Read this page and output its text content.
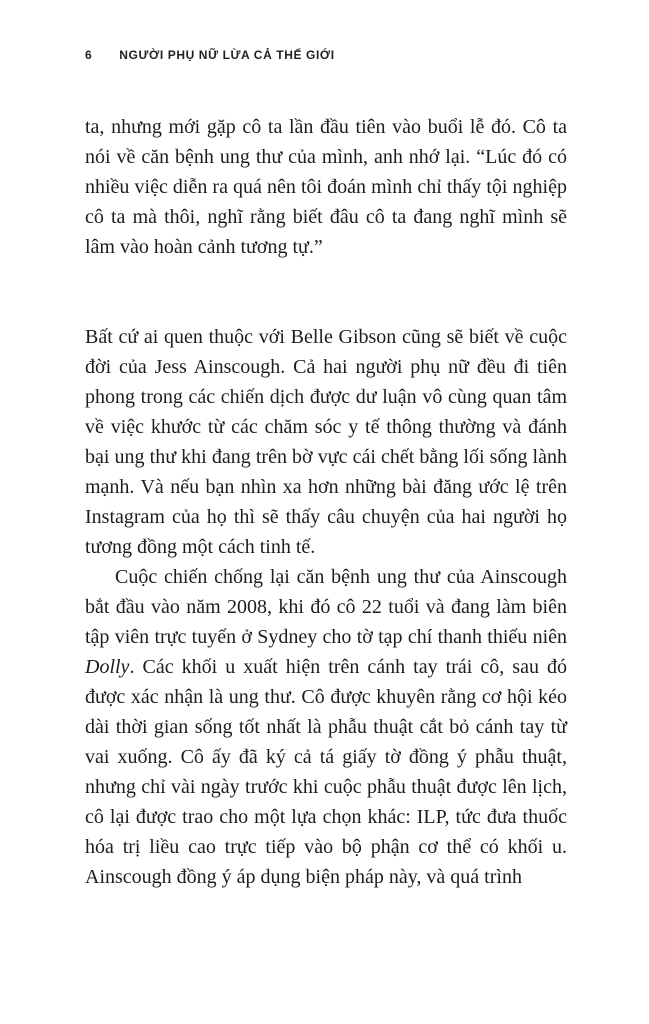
6 NGƯỜI PHỤ NỮ LỪA CẢ THẾ GIỚI

ta, nhưng mới gặp cô ta lần đầu tiên vào buổi lễ đó. Cô ta nói về căn bệnh ung thư của mình, anh nhớ lại. “Lúc đó có nhiều việc diễn ra quá nên tôi đoán mình chỉ thấy tội nghiệp cô ta mà thôi, nghĩ rằng biết đâu cô ta đang nghĩ mình sẽ lâm vào hoàn cảnh tương tự.”

Bất cứ ai quen thuộc với Belle Gibson cũng sẽ biết về cuộc đời của Jess Ainscough. Cả hai người phụ nữ đều đi tiên phong trong các chiến dịch được dư luận vô cùng quan tâm về việc khước từ các chăm sóc y tế thông thường và đánh bại ung thư khi đang trên bờ vực cái chết bằng lối sống lành mạnh. Và nếu bạn nhìn xa hơn những bài đăng ước lệ trên Instagram của họ thì sẽ thấy câu chuyện của hai người họ tương đồng một cách tinh tế.

Cuộc chiến chống lại căn bệnh ung thư của Ainscough bắt đầu vào năm 2008, khi đó cô 22 tuổi và đang làm biên tập viên trực tuyến ở Sydney cho tờ tạp chí thanh thiếu niên Dolly. Các khối u xuất hiện trên cánh tay trái cô, sau đó được xác nhận là ung thư. Cô được khuyên rằng cơ hội kéo dài thời gian sống tốt nhất là phẫu thuật cắt bỏ cánh tay từ vai xuống. Cô ấy đã ký cả tá giấy tờ đồng ý phẫu thuật, nhưng chỉ vài ngày trước khi cuộc phẫu thuật được lên lịch, cô lại được trao cho một lựa chọn khác: ILP, tức đưa thuốc hóa trị liều cao trực tiếp vào bộ phận cơ thể có khối u. Ainscough đồng ý áp dụng biện pháp này, và quá trình
